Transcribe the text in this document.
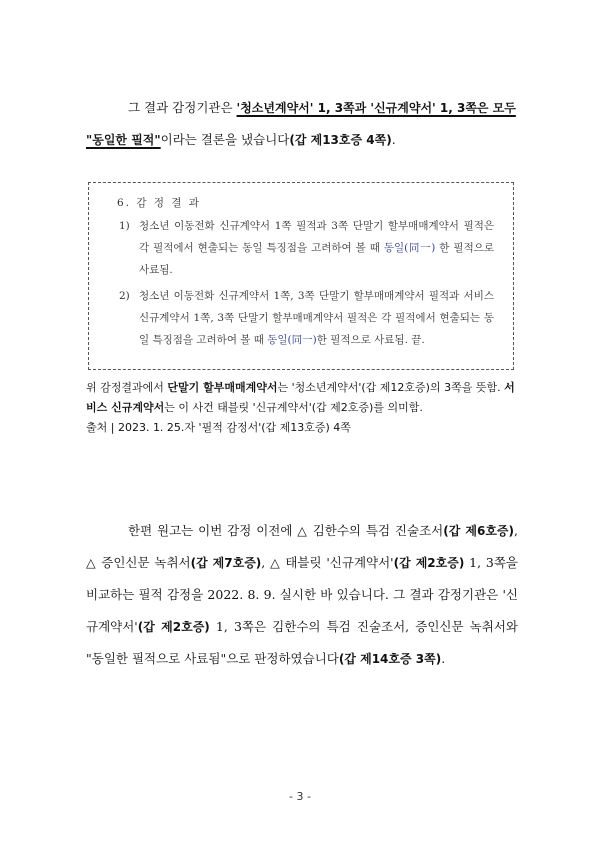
그 결과 감정기관은 '청소년계약서' 1, 3쪽과 '신규계약서' 1, 3쪽은 모두
"동일한 필적"이라는 결론을 냈습니다(갑 제13호증 4쪽).
6. 감 정 결 과
1) 청소년 이동전화 신규계약서 1쪽 필적과 3쪽 단말기 할부매매계약서 필적은 각 필적에서 현출되는 동일 특징점을 고려하여 볼 때 동일(同一) 한 필적으로 사료됨.
2) 청소년 이동전화 신규계약서 1쪽, 3쪽 단말기 할부매매계약서 필적과 서비스 신규계약서 1쪽, 3쪽 단말기 할부매매계약서 필적은 각 필적에서 현출되는 동일 특징점을 고려하여 볼 때 동일(同一)한 필적으로 사료됨. 끝.
위 감정결과에서 단말기 할부매매계약서는 '청소년계약서'(갑 제12호증)의 3쪽을 뜻함. 서비스 신규계약서는 이 사건 태블릿 '신규계약서'(갑 제2호증)를 의미함.
출처 | 2023. 1. 25.자 '필적 감정서'(갑 제13호증) 4쪽
한편 원고는 이번 감정 이전에 △ 김한수의 특검 진술조서(갑 제6호증), △ 증인신문 녹취서(갑 제7호증), △ 태블릿 '신규계약서'(갑 제2호증) 1, 3쪽을 비교하는 필적 감정을 2022. 8. 9. 실시한 바 있습니다. 그 결과 감정기관은 '신규계약서'(갑 제2호증) 1, 3쪽은 김한수의 특검 진술조서, 증인신문 녹취서와 "동일한 필적으로 사료됨"으로 판정하였습니다(갑 제14호증 3쪽).
- 3 -
